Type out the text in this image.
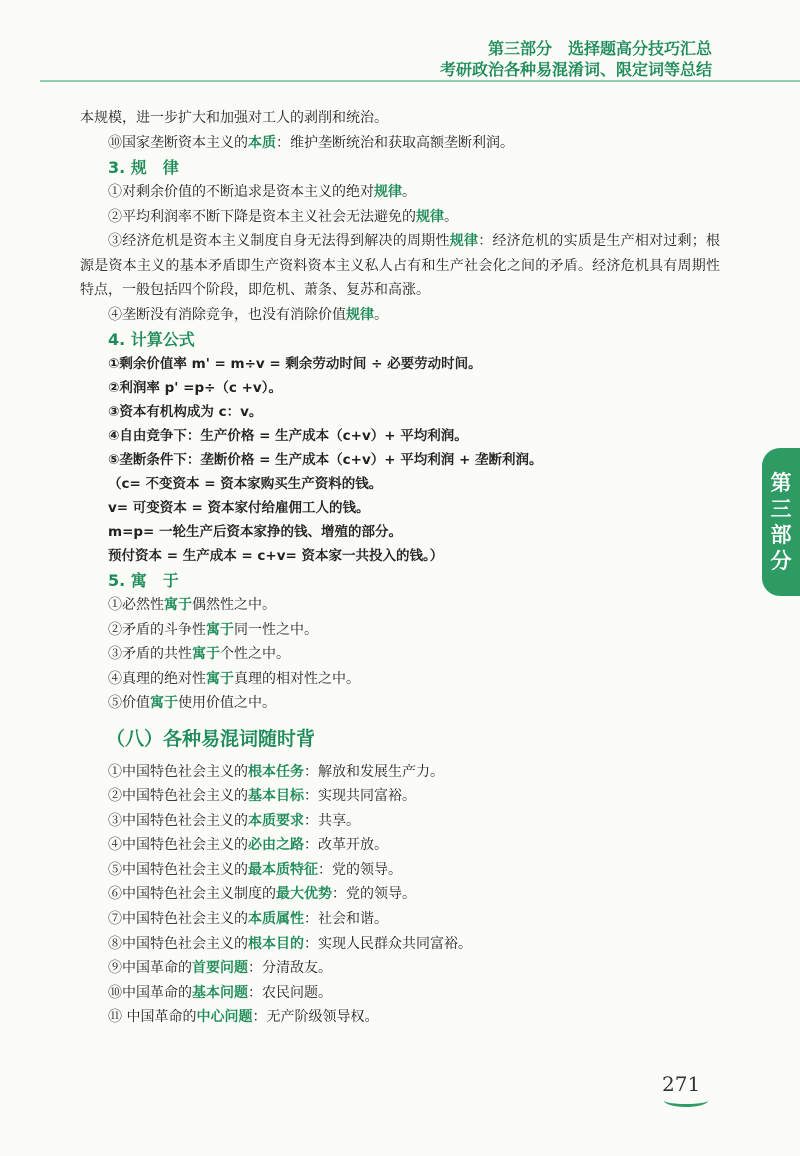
第三部分　选择题高分技巧汇总
考研政治各种易混淆词、限定词等总结
第
三
部
分
本规模，进一步扩大和加强对工人的剥削和统治。
⑩国家垄断资本主义的本质：维护垄断统治和获取高额垄断利润。
3. 规　律
①对剩余价值的不断追求是资本主义的绝对规律。
②平均利润率不断下降是资本主义社会无法避免的规律。
③经济危机是资本主义制度自身无法得到解决的周期性规律：经济危机的实质是生产相对过剩；根源是资本主义的基本矛盾即生产资料资本主义私人占有和生产社会化之间的矛盾。经济危机具有周期性特点，一般包括四个阶段，即危机、萧条、复苏和高涨。
④垄断没有消除竞争，也没有消除价值规律。
4. 计算公式
①剩余价值率 m' = m÷v = 剩余劳动时间 ÷ 必要劳动时间。
②利润率 p' =p÷（c +v）。
③资本有机构成为 c：v。
④自由竞争下：生产价格 = 生产成本（c+v）+ 平均利润。
⑤垄断条件下：垄断价格 = 生产成本（c+v）+ 平均利润 + 垄断利润。
（c= 不变资本 = 资本家购买生产资料的钱。
v= 可变资本 = 资本家付给雇佣工人的钱。
m=p= 一轮生产后资本家挣的钱、增殖的部分。
预付资本 = 生产成本 = c+v= 资本家一共投入的钱。）
5. 寓　于
①必然性寓于偶然性之中。
②矛盾的斗争性寓于同一性之中。
③矛盾的共性寓于个性之中。
④真理的绝对性寓于真理的相对性之中。
⑤价值寓于使用价值之中。
（八）各种易混词随时背
①中国特色社会主义的根本任务：解放和发展生产力。
②中国特色社会主义的基本目标：实现共同富裕。
③中国特色社会主义的本质要求：共享。
④中国特色社会主义的必由之路：改革开放。
⑤中国特色社会主义的最本质特征：党的领导。
⑥中国特色社会主义制度的最大优势：党的领导。
⑦中国特色社会主义的本质属性：社会和谐。
⑧中国特色社会主义的根本目的：实现人民群众共同富裕。
⑨中国革命的首要问题：分清敌友。
⑩中国革命的基本问题：农民问题。
⑪ 中国革命的中心问题：无产阶级领导权。
271
